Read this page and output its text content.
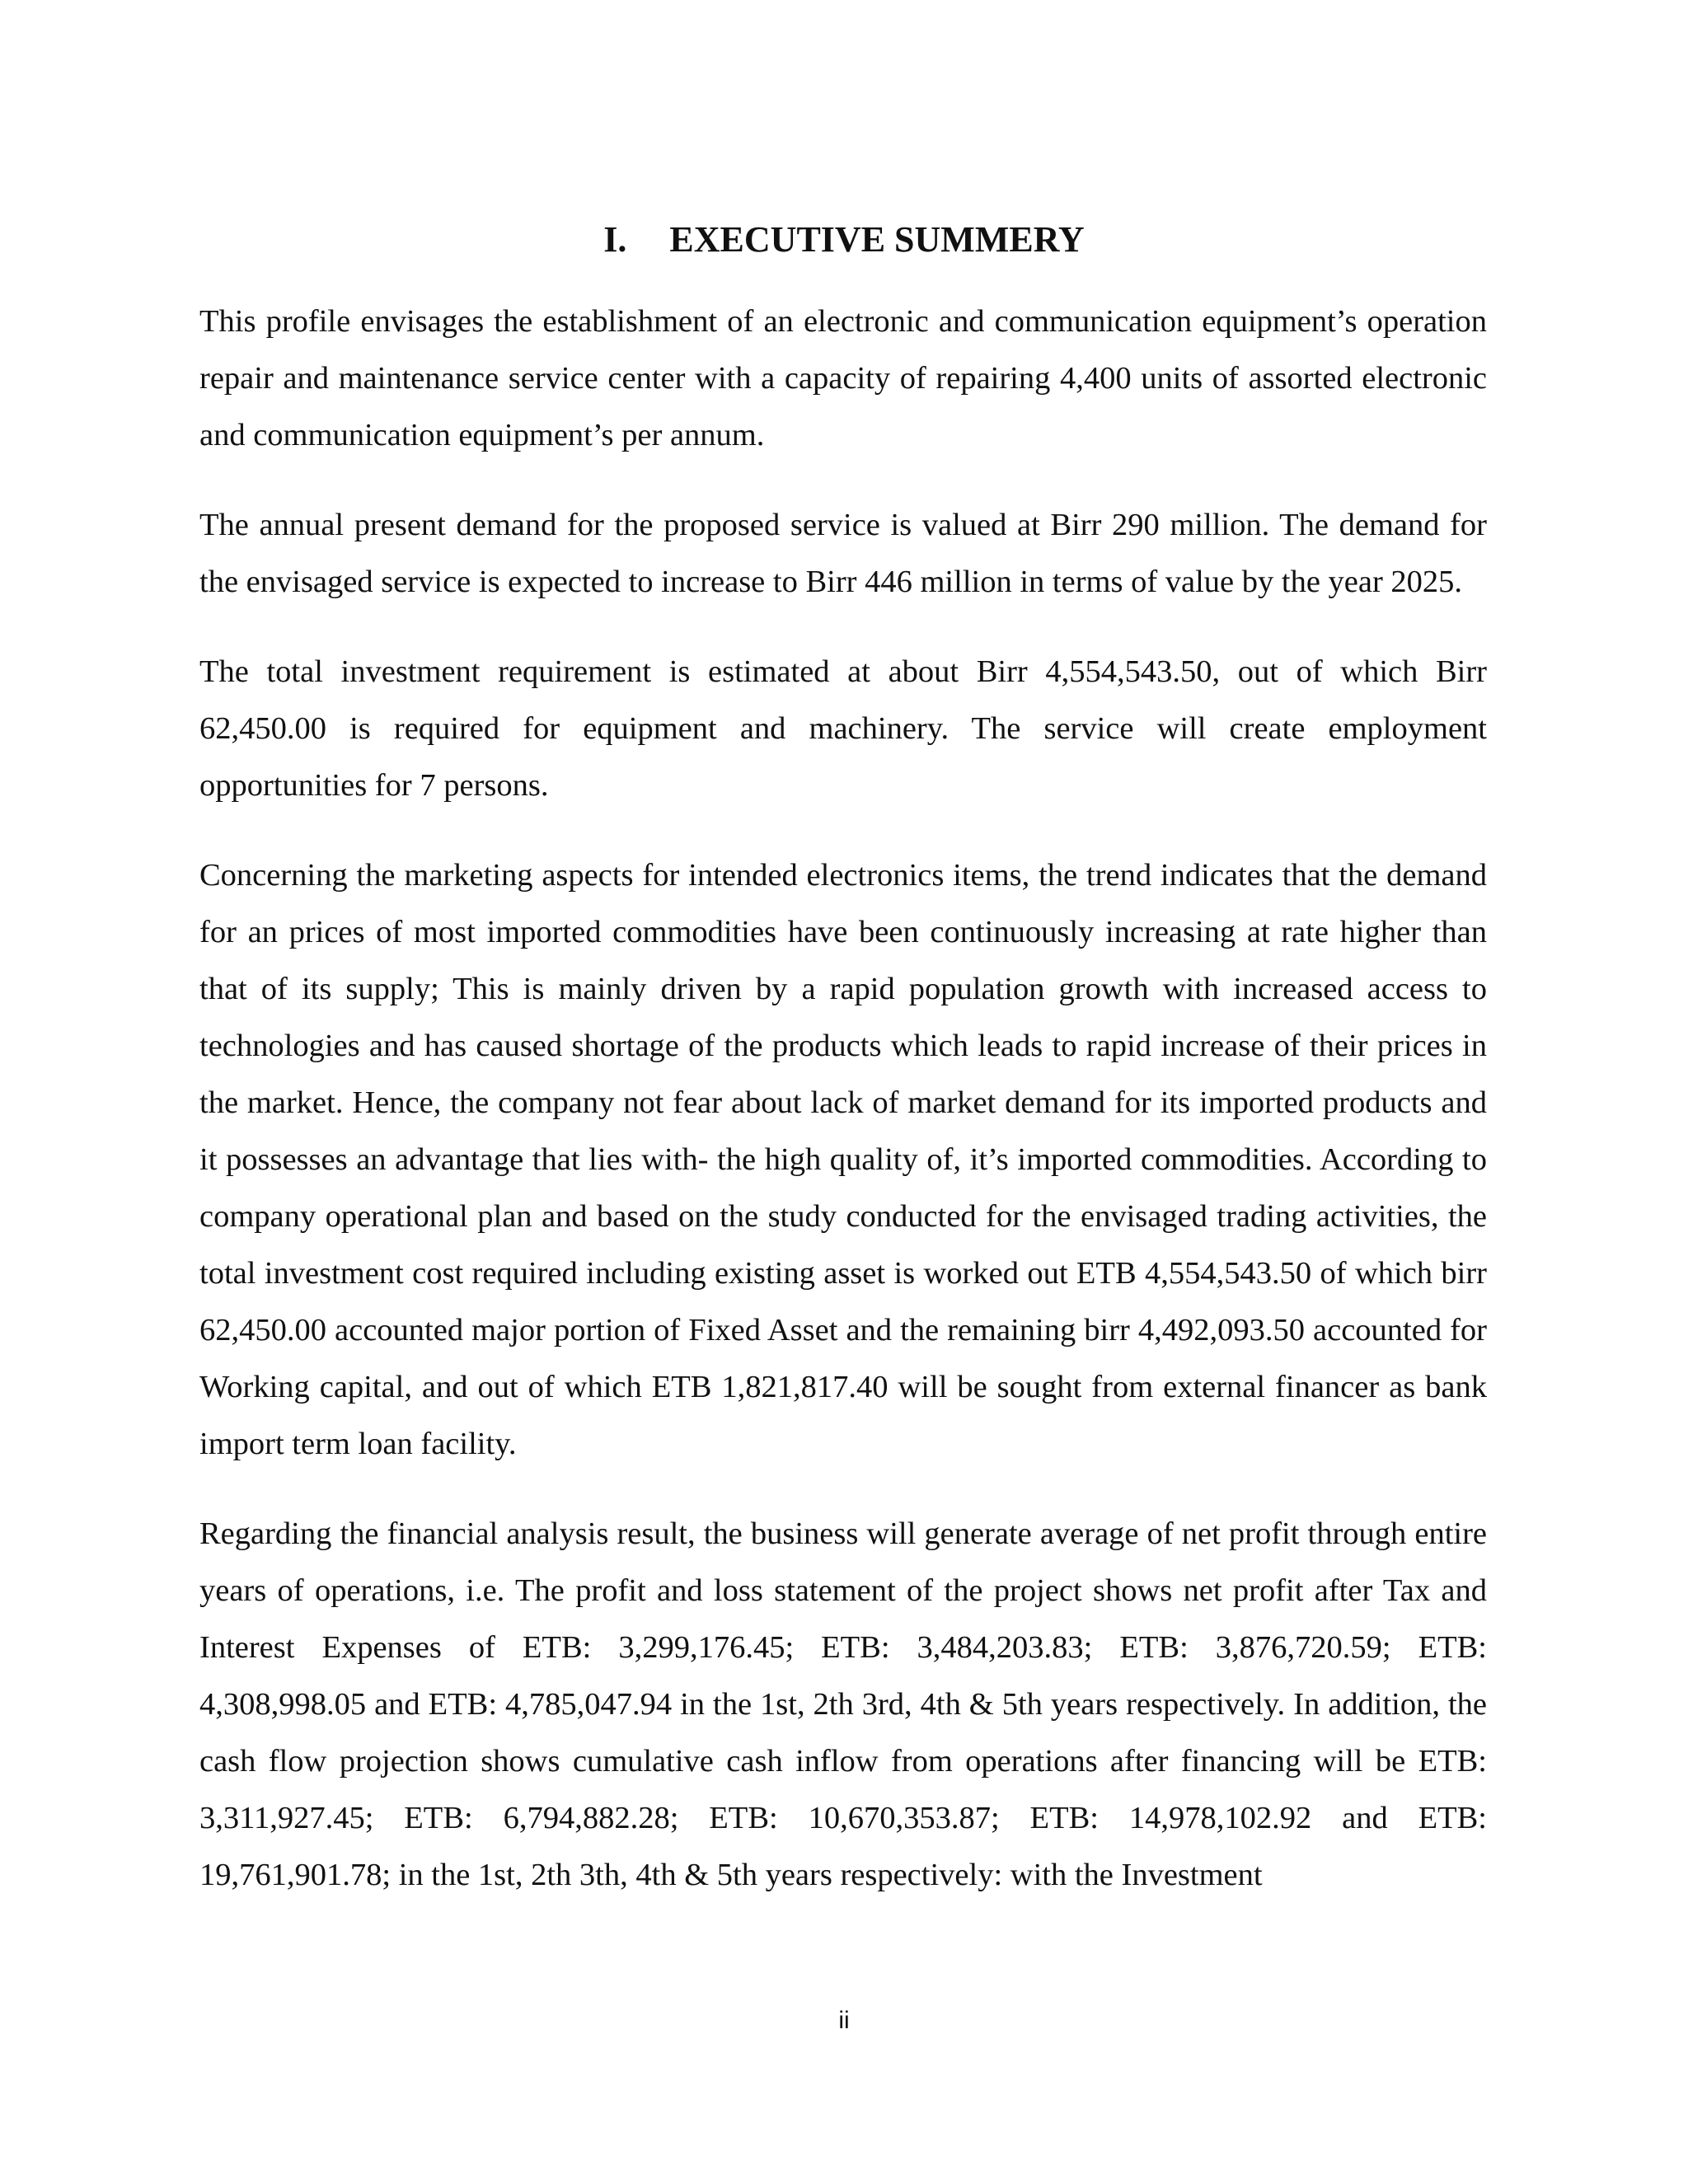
I. EXECUTIVE SUMMERY

This profile envisages the establishment of an electronic and communication equipment’s operation repair and maintenance service center with a capacity of repairing 4,400 units of assorted electronic and communication equipment’s per annum.

The annual present demand for the proposed service is valued at Birr 290 million. The demand for the envisaged service is expected to increase to Birr 446 million in terms of value by the year 2025.

The total investment requirement is estimated at about Birr 4,554,543.50, out of which Birr 62,450.00 is required for equipment and machinery. The service will create employment opportunities for 7 persons.

Concerning the marketing aspects for intended electronics items, the trend indicates that the demand for an prices of most imported commodities have been continuously increasing at rate higher than that of its supply; This is mainly driven by a rapid population growth with increased access to technologies and has caused shortage of the products which leads to rapid increase of their prices in the market. Hence, the company not fear about lack of market demand for its imported products and it possesses an advantage that lies with- the high quality of, it’s imported commodities. According to company operational plan and based on the study conducted for the envisaged trading activities, the total investment cost required including existing asset is worked out ETB 4,554,543.50 of which birr 62,450.00 accounted major portion of Fixed Asset and the remaining birr 4,492,093.50 accounted for Working capital, and out of which ETB 1,821,817.40 will be sought from external financer as bank import term loan facility.

Regarding the financial analysis result, the business will generate average of net profit through entire years of operations, i.e. The profit and loss statement of the project shows net profit after Tax and Interest Expenses of ETB: 3,299,176.45; ETB: 3,484,203.83; ETB: 3,876,720.59; ETB: 4,308,998.05 and ETB: 4,785,047.94 in the 1st, 2th 3rd, 4th & 5th years respectively. In addition, the cash flow projection shows cumulative cash inflow from operations after financing will be ETB: 3,311,927.45; ETB: 6,794,882.28; ETB: 10,670,353.87; ETB: 14,978,102.92 and ETB: 19,761,901.78; in the 1st, 2th 3th, 4th & 5th years respectively: with the Investment

ii
